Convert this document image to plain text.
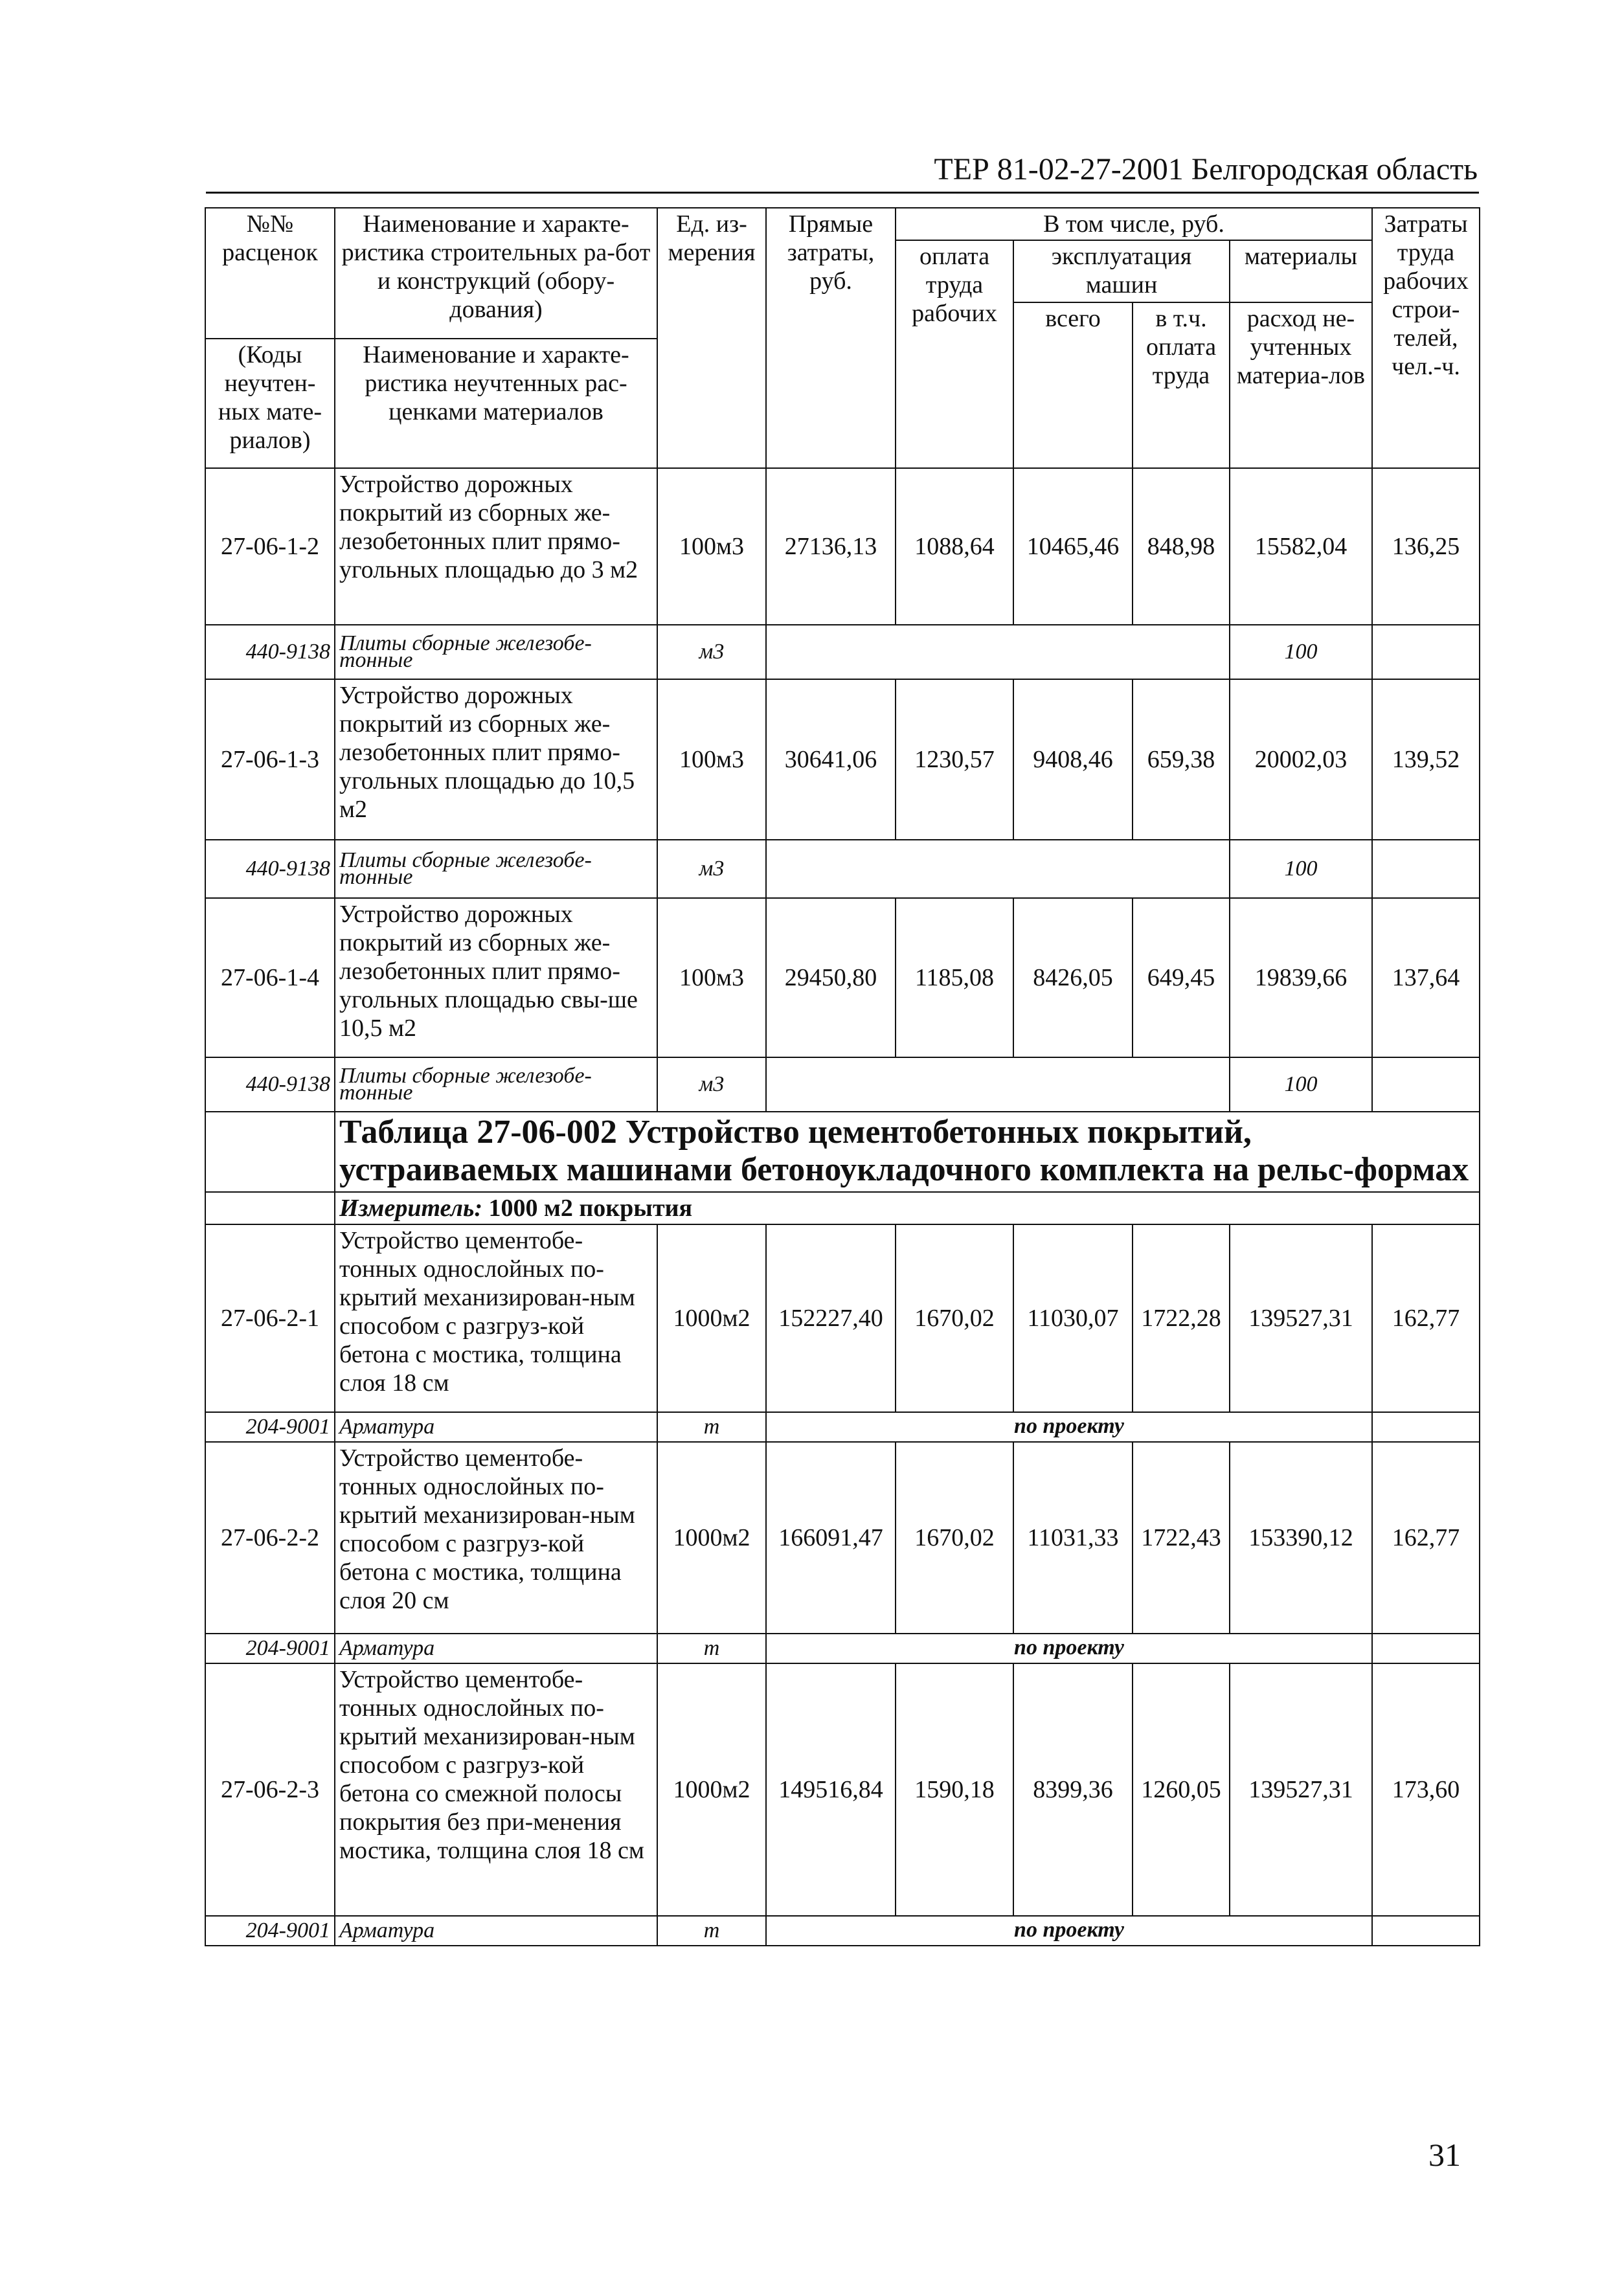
ТЕР 81-02-27-2001 Белгородская область
№№ расценок	Наименование и характе-ристика строительных ра-бот и конструкций (обору-дования)	Ед. из-мерения	Прямые затраты, руб.	В том числе, руб.				Затраты труда рабочих строи-телей, чел.-ч.
				оплата труда рабочих	эксплуатация машин		материалы	
					всего	в т.ч. оплата труда	расход не-учтенных материа-лов	
(Коды неучтен-ных мате-риалов)	Наименование и характе-ристика неучтенных рас-ценками материалов							

27-06-1-2	Устройство дорожных покрытий из сборных же-лезобетонных плит прямо-угольных площадью до 3 м2	100м3	27136,13	1088,64	10465,46	848,98	15582,04	136,25
440-9138	Плиты сборные железобе-тонные	м3					100	
27-06-1-3	Устройство дорожных покрытий из сборных же-лезобетонных плит прямо-угольных площадью до 10,5 м2	100м3	30641,06	1230,57	9408,46	659,38	20002,03	139,52
440-9138	Плиты сборные железобе-тонные	м3					100	
27-06-1-4	Устройство дорожных покрытий из сборных же-лезобетонных плит прямо-угольных площадью свы-ше 10,5 м2	100м3	29450,80	1185,08	8426,05	649,45	19839,66	137,64
440-9138	Плиты сборные железобе-тонные	м3					100	
	Таблица 27-06-002 Устройство цементобетонных покрытий, устраиваемых машинами бетоноукладочного комплекта на рельс-формах							
	Измеритель: 1000 м2 покрытия							
27-06-2-1	Устройство цементобе-тонных однослойных по-крытий механизирован-ным способом с разгруз-кой бетона с мостика, толщина слоя 18 см	1000м2	152227,40	1670,02	11030,07	1722,28	139527,31	162,77
204-9001	Арматура	т	по проекту					
27-06-2-2	Устройство цементобе-тонных однослойных по-крытий механизирован-ным способом с разгруз-кой бетона с мостика, толщина слоя 20 см	1000м2	166091,47	1670,02	11031,33	1722,43	153390,12	162,77
204-9001	Арматура	т	по проекту					
27-06-2-3	Устройство цементобе-тонных однослойных по-крытий механизирован-ным способом с разгруз-кой бетона со смежной полосы покрытия без при-менения мостика, толщина слоя 18 см	1000м2	149516,84	1590,18	8399,36	1260,05	139527,31	173,60
204-9001	Арматура	т	по проекту					
31
